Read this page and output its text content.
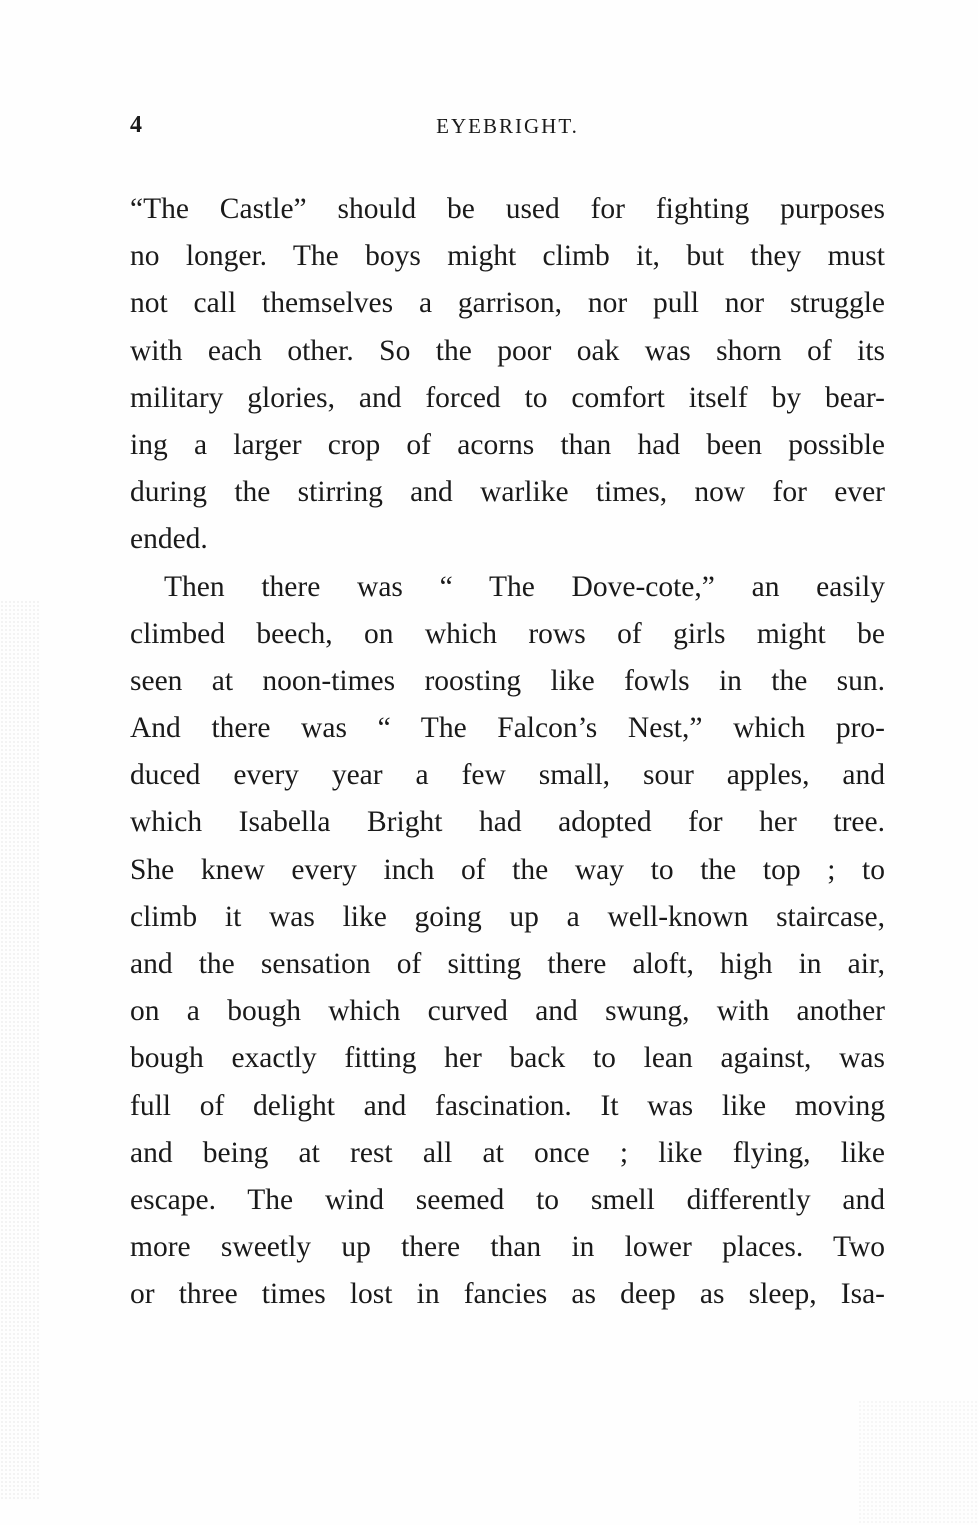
4	EYEBRIGHT.
“The Castle” should be used for fighting purposes
no longer. The boys might climb it, but they must
not call themselves a garrison, nor pull nor struggle
with each other. So the poor oak was shorn of its
military glories, and forced to comfort itself by bear-
ing a larger crop of acorns than had been possible
during the stirring and warlike times, now for ever
ended.
Then there was “ The Dove-cote,” an easily
climbed beech, on which rows of girls might be
seen at noon-times roosting like fowls in the sun.
And there was “ The Falcon’s Nest,” which pro-
duced every year a few small, sour apples, and
which Isabella Bright had adopted for her tree.
She knew every inch of the way to the top ; to
climb it was like going up a well-known staircase,
and the sensation of sitting there aloft, high in air,
on a bough which curved and swung, with another
bough exactly fitting her back to lean against, was
full of delight and fascination. It was like moving
and being at rest all at once ; like flying, like
escape. The wind seemed to smell differently and
more sweetly up there than in lower places. Two
or three times lost in fancies as deep as sleep, Isa-
